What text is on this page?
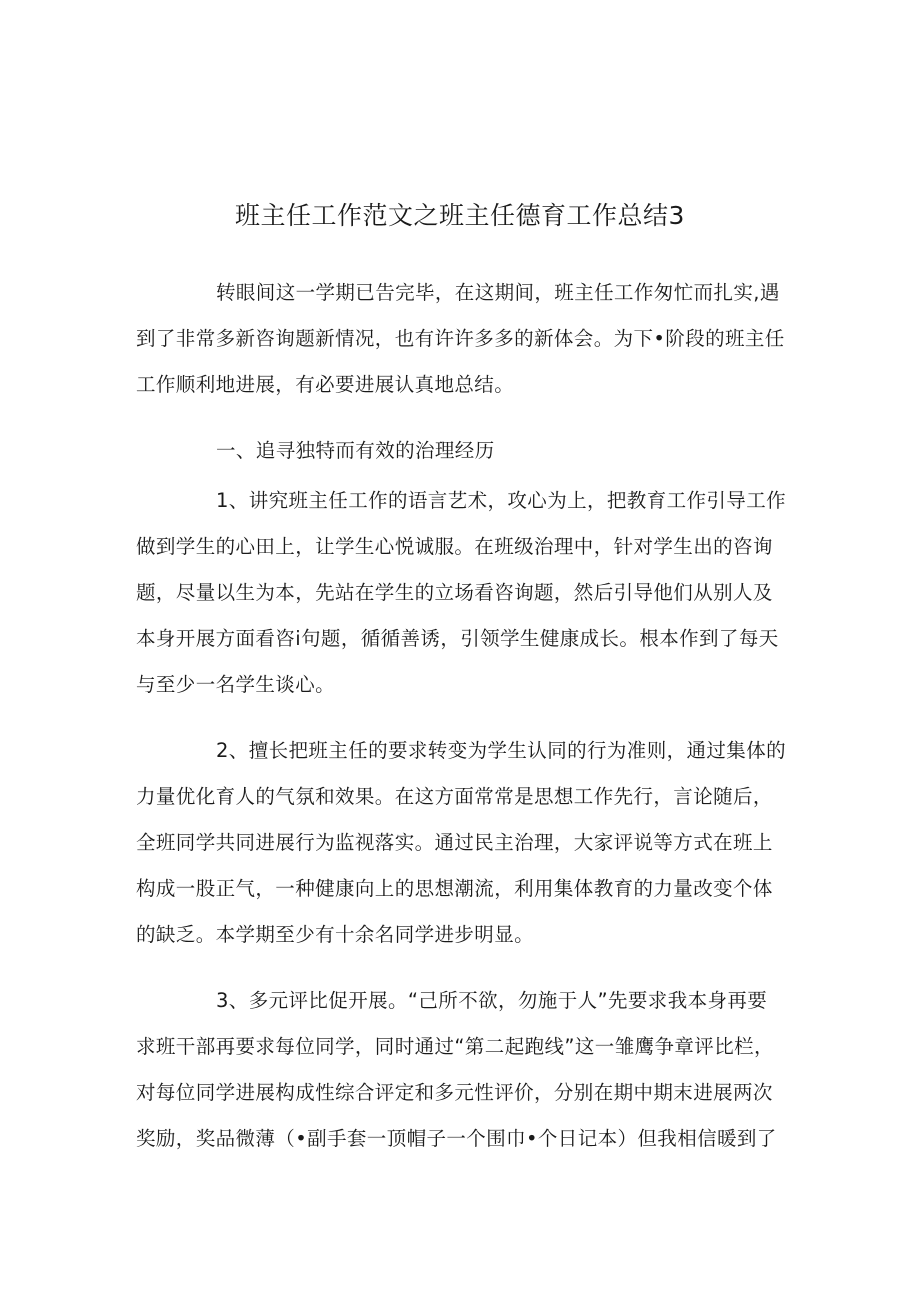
班主任工作范文之班主任德育工作总结3

转眼间这一学期已告完毕，在这期间，班主任工作匆忙而扎实,遇
到了非常多新咨询题新情况，也有许许多多的新体会。为下•阶段的班主任
工作顺利地进展，有必要进展认真地总结。

一、追寻独特而有效的治理经历

1、讲究班主任工作的语言艺术，攻心为上，把教育工作引导工作
做到学生的心田上，让学生心悦诚服。在班级治理中，针对学生出的咨询
题，尽量以生为本，先站在学生的立场看咨询题，然后引导他们从别人及
本身开展方面看咨i句题，循循善诱，引领学生健康成长。根本作到了每天
与至少一名学生谈心。

2、擅长把班主任的要求转变为学生认同的行为准则，通过集体的
力量优化育人的气氛和效果。在这方面常常是思想工作先行，言论随后，
全班同学共同进展行为监视落实。通过民主治理，大家评说等方式在班上
构成一股正气，一种健康向上的思想潮流，利用集体教育的力量改变个体
的缺乏。本学期至少有十余名同学进步明显。

3、多元评比促开展。“己所不欲，勿施于人”先要求我本身再要
求班干部再要求每位同学，同时通过“第二起跑线”这一雏鹰争章评比栏，
对每位同学进展构成性综合评定和多元性评价，分别在期中期末进展两次
奖励，奖品微薄（•副手套一顶帽子一个围巾•个日记本）但我相信暖到了
